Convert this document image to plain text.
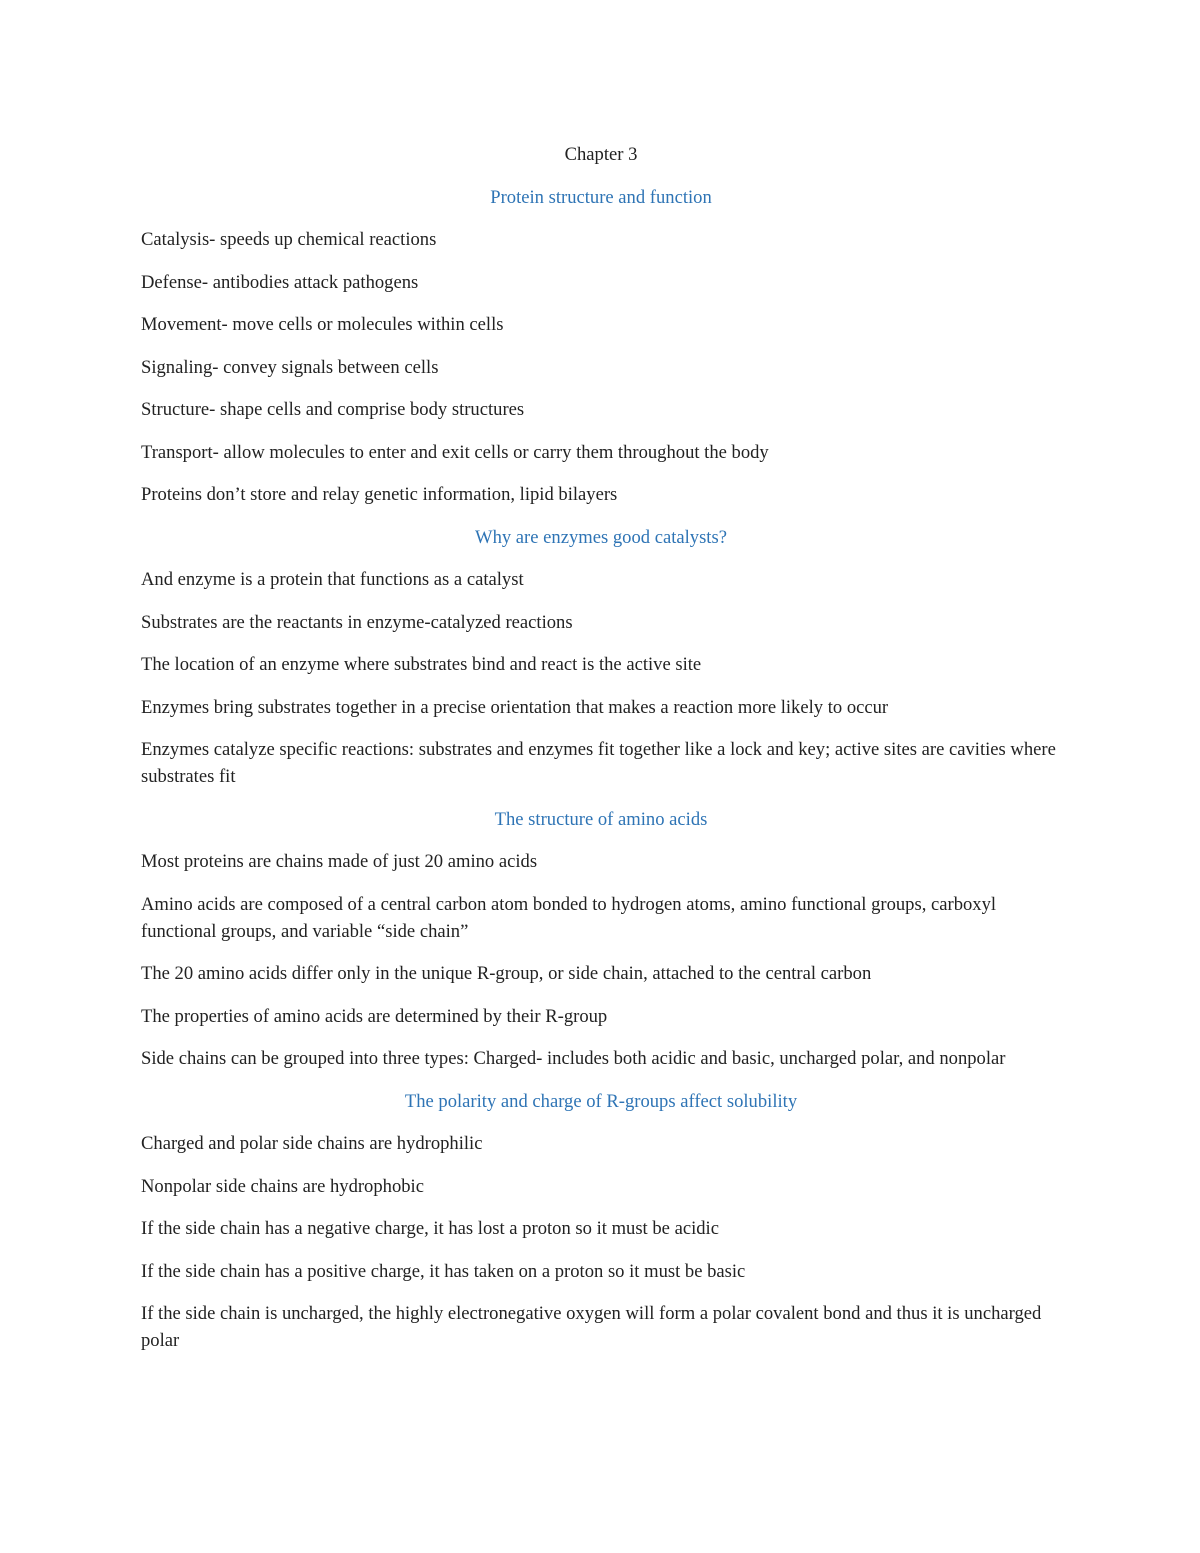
Chapter 3

Protein structure and function

Catalysis- speeds up chemical reactions

Defense- antibodies attack pathogens

Movement- move cells or molecules within cells

Signaling- convey signals between cells

Structure- shape cells and comprise body structures

Transport- allow molecules to enter and exit cells or carry them throughout the body

Proteins don’t store and relay genetic information, lipid bilayers

Why are enzymes good catalysts?

And enzyme is a protein that functions as a catalyst

Substrates are the reactants in enzyme-catalyzed reactions

The location of an enzyme where substrates bind and react is the active site

Enzymes bring substrates together in a precise orientation that makes a reaction more likely to occur

Enzymes catalyze specific reactions: substrates and enzymes fit together like a lock and key; active sites are cavities where substrates fit

The structure of amino acids

Most proteins are chains made of just 20 amino acids

Amino acids are composed of a central carbon atom bonded to hydrogen atoms, amino functional groups, carboxyl functional groups, and variable “side chain”

The 20 amino acids differ only in the unique R-group, or side chain, attached to the central carbon

The properties of amino acids are determined by their R-group

Side chains can be grouped into three types: Charged- includes both acidic and basic, uncharged polar, and nonpolar

The polarity and charge of R-groups affect solubility

Charged and polar side chains are hydrophilic

Nonpolar side chains are hydrophobic

If the side chain has a negative charge, it has lost a proton so it must be acidic

If the side chain has a positive charge, it has taken on a proton so it must be basic

If the side chain is uncharged, the highly electronegative oxygen will form a polar covalent bond and thus it is uncharged polar
